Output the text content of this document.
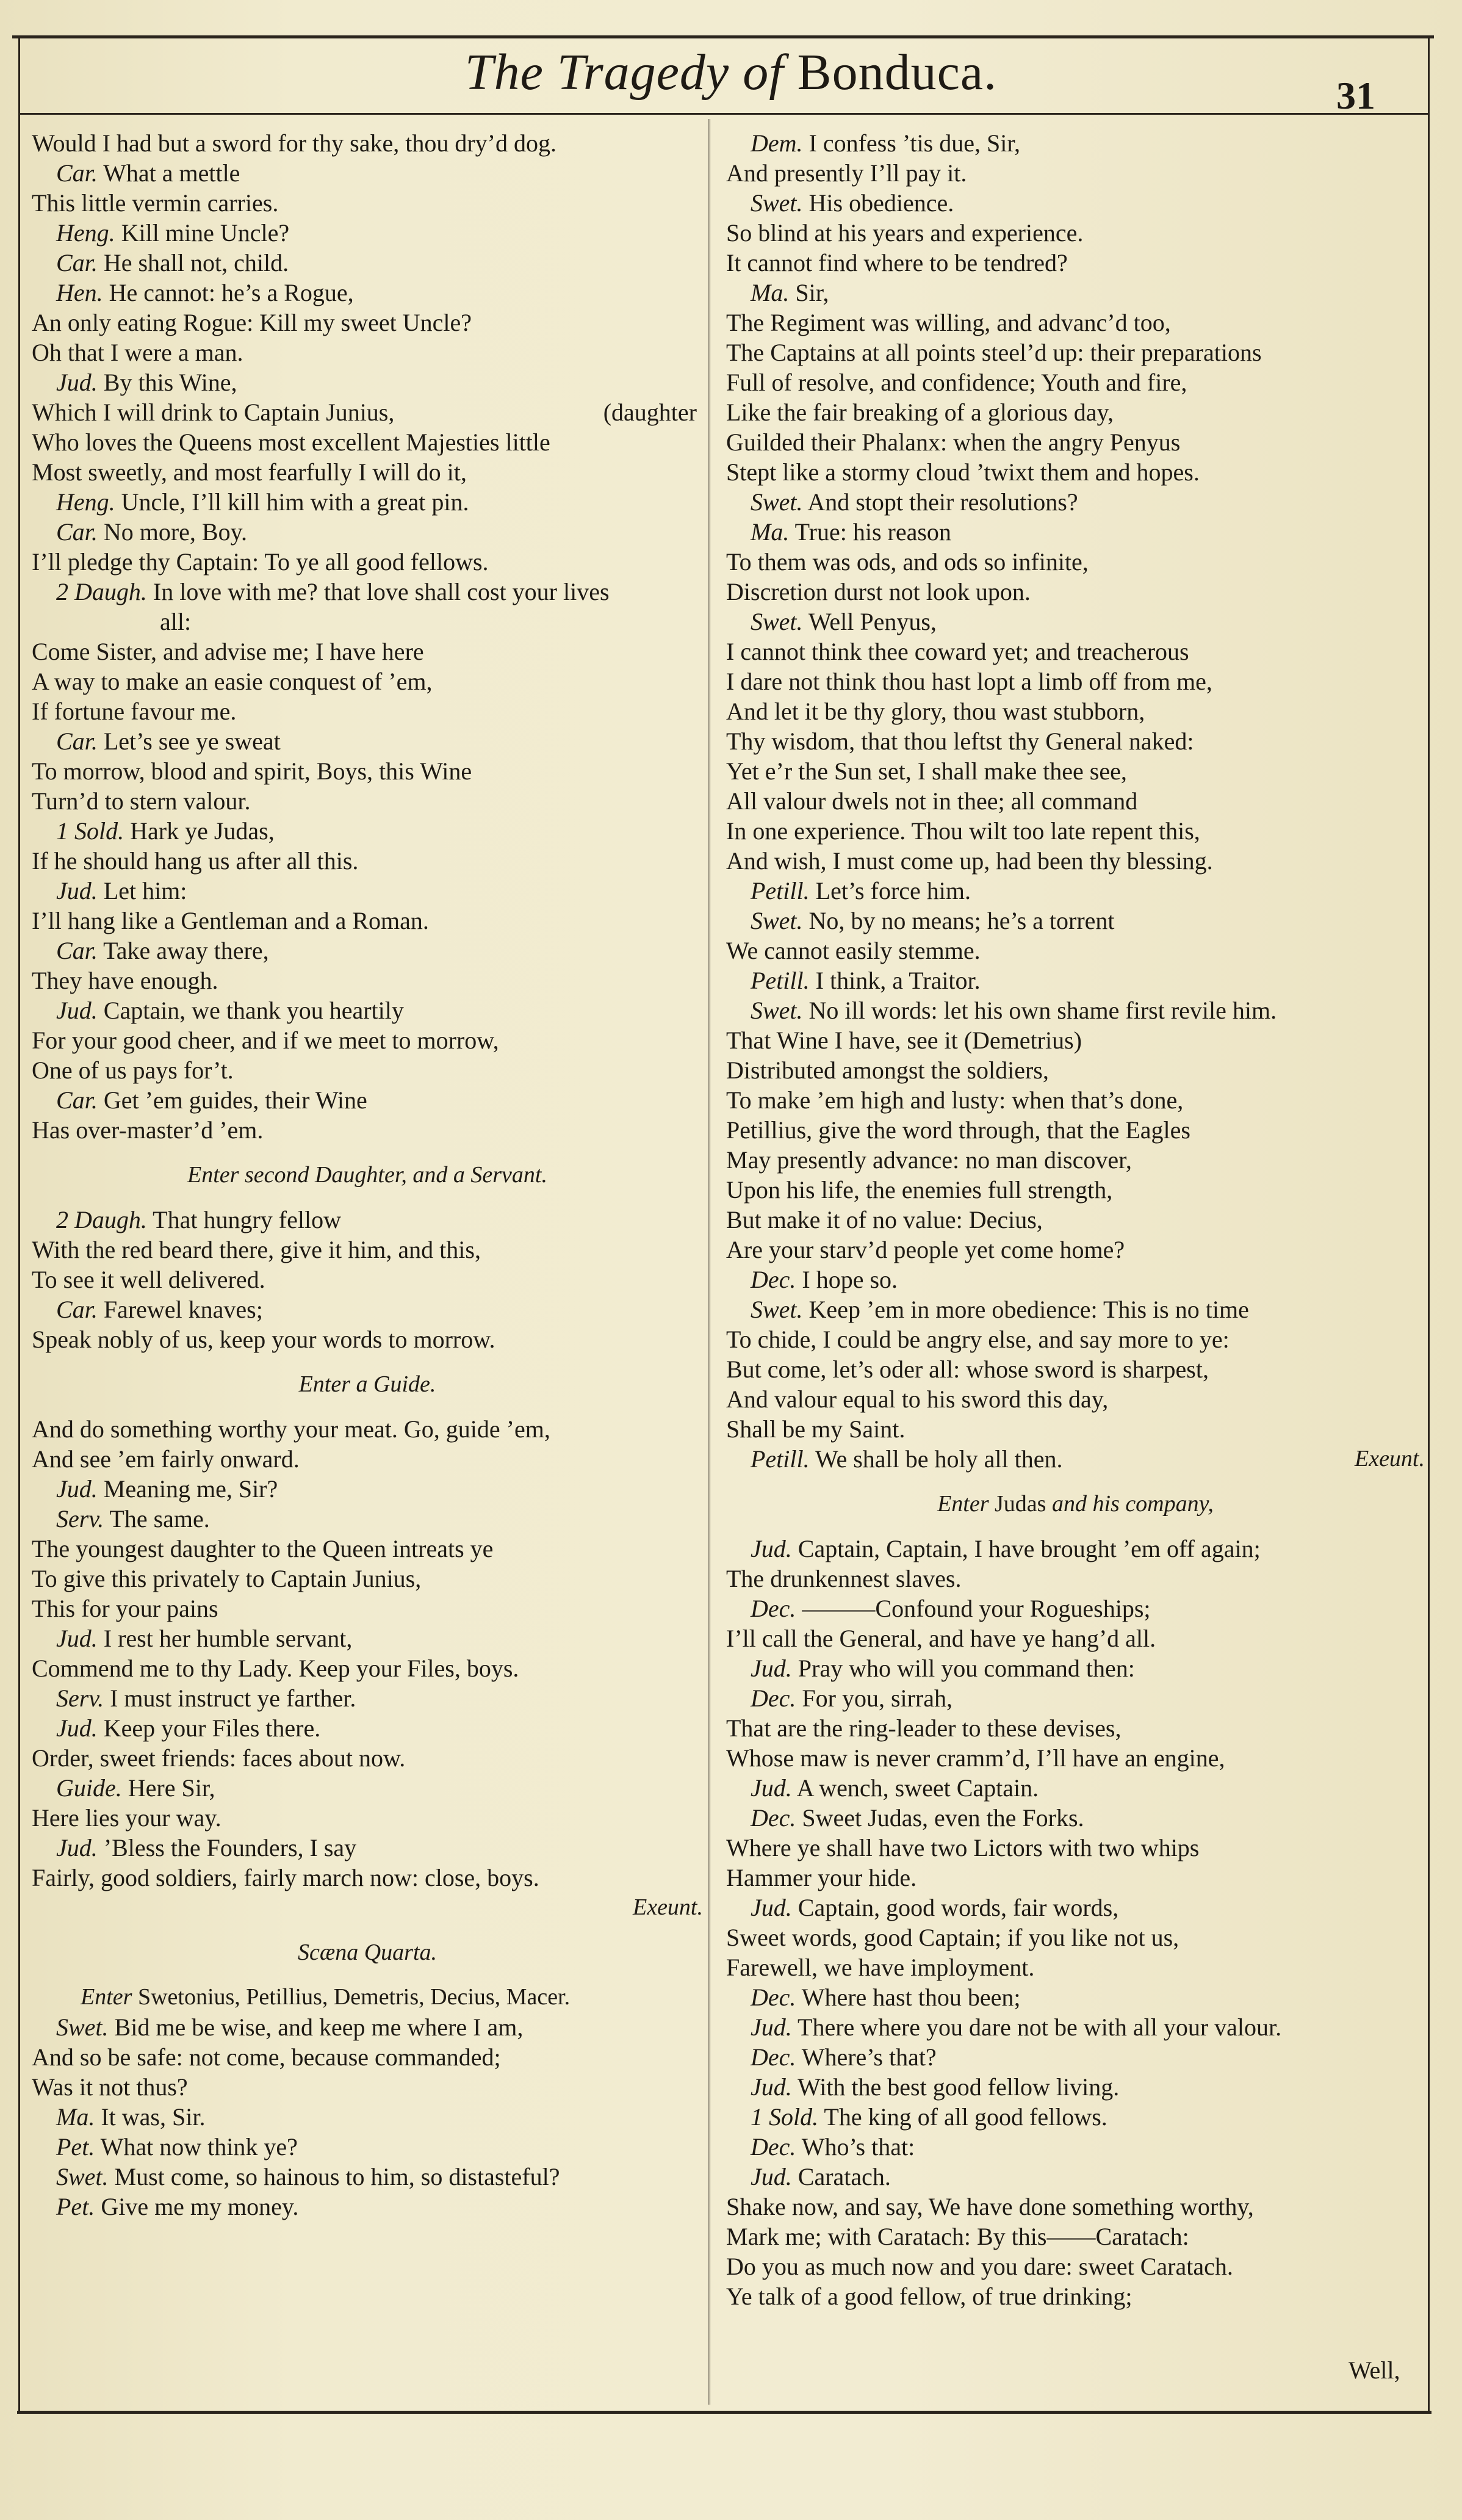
The Tragedy of Bonduca.	31
Would I had but a sword for thy sake, thou dry’d dog.
Car. What a mettle
This little vermin carries.
Heng. Kill mine Uncle?
Car. He shall not, child.
Hen. He cannot: he’s a Rogue,
An only eating Rogue: Kill my sweet Uncle?
Oh that I were a man.
Jud. By this Wine,
Which I will drink to Captain Junius,	(daughter
Who loves the Queens most excellent Majesties little
Most sweetly, and most fearfully I will do it,
Heng. Uncle, I’ll kill him with a great pin.
Car. No more, Boy.
I’ll pledge thy Captain: To ye all good fellows.
2 Daugh. In love with me? that love shall cost your lives
all:
Come Sister, and advise me; I have here
A way to make an easie conquest of ’em,
If fortune favour me.
Car. Let’s see ye sweat
To morrow, blood and spirit, Boys, this Wine
Turn’d to stern valour.
1 Sold. Hark ye Judas,
If he should hang us after all this.
Jud. Let him:
I’ll hang like a Gentleman and a Roman.
Car. Take away there,
They have enough.
Jud. Captain, we thank you heartily
For your good cheer, and if we meet to morrow,
One of us pays for’t.
Car. Get ’em guides, their Wine
Has over-master’d ’em.
Enter second Daughter, and a Servant.
2 Daugh. That hungry fellow
With the red beard there, give it him, and this,
To see it well delivered.
Car. Farewel knaves;
Speak nobly of us, keep your words to morrow.
Enter a Guide.
And do something worthy your meat. Go, guide ’em,
And see ’em fairly onward.
Jud. Meaning me, Sir?
Serv. The same.
The youngest daughter to the Queen intreats ye
To give this privately to Captain Junius,
This for your pains
Jud. I rest her humble servant,
Commend me to thy Lady. Keep your Files, boys.
Serv. I must instruct ye farther.
Jud. Keep your Files there.
Order, sweet friends: faces about now.
Guide. Here Sir,
Here lies your way.
Jud. ’Bless the Founders, I say
Fairly, good soldiers, fairly march now: close, boys.
Exeunt.
Scæna Quarta.
Enter Swetonius, Petillius, Demetris, Decius, Macer.
Swet. Bid me be wise, and keep me where I am,
And so be safe: not come, because commanded;
Was it not thus?
Ma. It was, Sir.
Pet. What now think ye?
Swet. Must come, so hainous to him, so distasteful?
Pet. Give me my money.
Dem. I confess ’tis due, Sir,
And presently I’ll pay it.
Swet. His obedience.
So blind at his years and experience.
It cannot find where to be tendred?
Ma. Sir,
The Regiment was willing, and advanc’d too,
The Captains at all points steel’d up: their preparations
Full of resolve, and confidence; Youth and fire,
Like the fair breaking of a glorious day,
Guilded their Phalanx: when the angry Penyus
Stept like a stormy cloud ’twixt them and hopes.
Swet. And stopt their resolutions?
Ma. True: his reason
To them was ods, and ods so infinite,
Discretion durst not look upon.
Swet. Well Penyus,
I cannot think thee coward yet; and treacherous
I dare not think thou hast lopt a limb off from me,
And let it be thy glory, thou wast stubborn,
Thy wisdom, that thou leftst thy General naked:
Yet e’r the Sun set, I shall make thee see,
All valour dwels not in thee; all command
In one experience. Thou wilt too late repent this,
And wish, I must come up, had been thy blessing.
Petill. Let’s force him.
Swet. No, by no means; he’s a torrent
We cannot easily stemme.
Petill. I think, a Traitor.
Swet. No ill words: let his own shame first revile him.
That Wine I have, see it (Demetrius)
Distributed amongst the soldiers,
To make ’em high and lusty: when that’s done,
Petillius, give the word through, that the Eagles
May presently advance: no man discover,
Upon his life, the enemies full strength,
But make it of no value: Decius,
Are your starv’d people yet come home?
Dec. I hope so.
Swet. Keep ’em in more obedience: This is no time
To chide, I could be angry else, and say more to ye:
But come, let’s oder all: whose sword is sharpest,
And valour equal to his sword this day,
Shall be my Saint.
Petill. We shall be holy all then.	Exeunt.
Enter Judas and his company,
Jud. Captain, Captain, I have brought ’em off again;
The drunkennest slaves.
Dec. ———Confound your Rogueships;
I’ll call the General, and have ye hang’d all.
Jud. Pray who will you command then:
Dec. For you, sirrah,
That are the ring-leader to these devises,
Whose maw is never cramm’d, I’ll have an engine,
Jud. A wench, sweet Captain.
Dec. Sweet Judas, even the Forks.
Where ye shall have two Lictors with two whips
Hammer your hide.
Jud. Captain, good words, fair words,
Sweet words, good Captain; if you like not us,
Farewell, we have imployment.
Dec. Where hast thou been;
Jud. There where you dare not be with all your valour.
Dec. Where’s that?
Jud. With the best good fellow living.
1 Sold. The king of all good fellows.
Dec. Who’s that:
Jud. Caratach.
Shake now, and say, We have done something worthy,
Mark me; with Caratach: By this——Caratach:
Do you as much now and you dare: sweet Caratach.
Ye talk of a good fellow, of true drinking;
Well,
